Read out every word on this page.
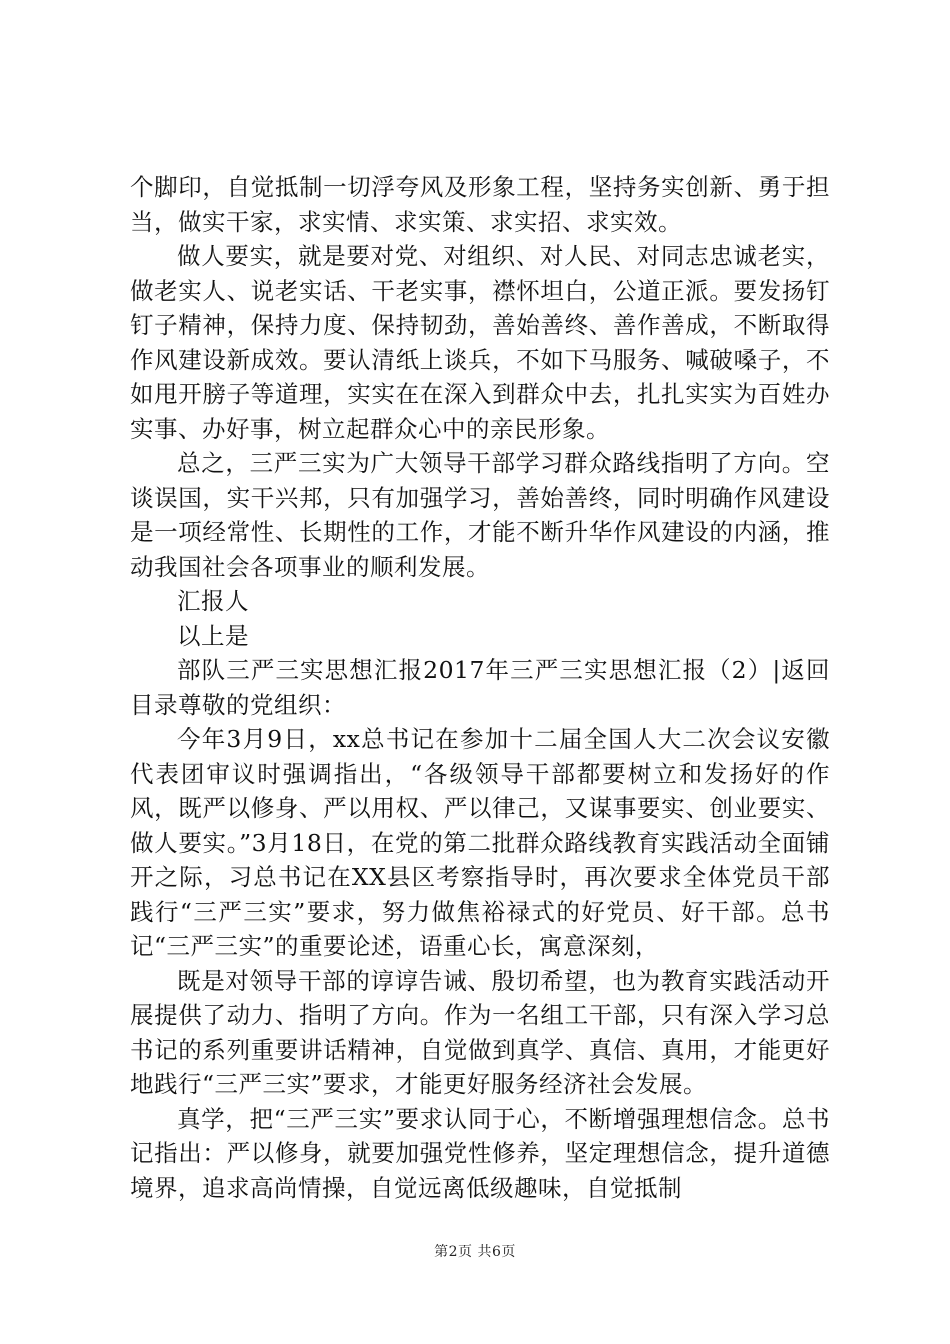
个脚印，自觉抵制一切浮夸风及形象工程，坚持务实创新、勇于担当，做实干家，求实情、求实策、求实招、求实效。

做人要实，就是要对党、对组织、对人民、对同志忠诚老实，做老实人、说老实话、干老实事，襟怀坦白，公道正派。要发扬钉钉子精神，保持力度、保持韧劲，善始善终、善作善成，不断取得作风建设新成效。要认清纸上谈兵，不如下马服务、喊破嗓子，不如甩开膀子等道理，实实在在深入到群众中去，扎扎实实为百姓办实事、办好事，树立起群众心中的亲民形象。

总之，三严三实为广大领导干部学习群众路线指明了方向。空谈误国，实干兴邦，只有加强学习，善始善终，同时明确作风建设是一项经常性、长期性的工作，才能不断升华作风建设的内涵，推动我国社会各项事业的顺利发展。

汇报人

以上是

部队三严三实思想汇报2017年三严三实思想汇报（2）|返回目录尊敬的党组织：

今年3月9日，xx总书记在参加十二届全国人大二次会议安徽代表团审议时强调指出，“各级领导干部都要树立和发扬好的作风，既严以修身、严以用权、严以律己，又谋事要实、创业要实、做人要实。”3月18日，在党的第二批群众路线教育实践活动全面铺开之际，习总书记在XX县区考察指导时，再次要求全体党员干部践行“三严三实”要求，努力做焦裕禄式的好党员、好干部。总书记“三严三实”的重要论述，语重心长，寓意深刻，

既是对领导干部的谆谆告诫、殷切希望，也为教育实践活动开展提供了动力、指明了方向。作为一名组工干部，只有深入学习总书记的系列重要讲话精神，自觉做到真学、真信、真用，才能更好地践行“三严三实”要求，才能更好服务经济社会发展。

真学，把“三严三实”要求认同于心，不断增强理想信念。总书记指出：严以修身，就要加强党性修养，坚定理想信念，提升道德境界，追求高尚情操，自觉远离低级趣味，自觉抵制

第2页 共6页
